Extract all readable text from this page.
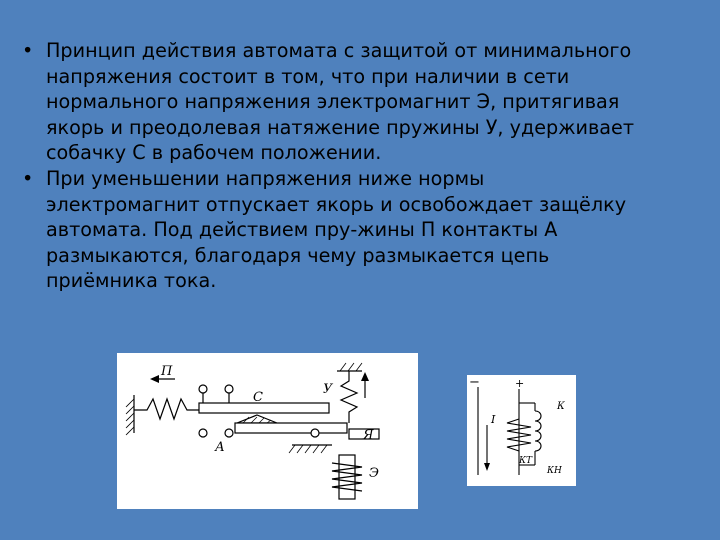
• Принцип действия автомата с защитой от минимального
напряжения состоит в том, что при наличии в сети
нормального напряжения электромагнит Э, притягивая
якорь и преодолевая натяжение пружины У, удерживает
собачку С в рабочем положении.
• При уменьшении напряжения ниже нормы
электромагнит отпускает якорь и освобождает защёлку
автомата. Под действием пру-жины П контакты А
размыкаются, благодаря чему размыкается цепь
приёмника тока.
П
У
С
А
Я
Э
−	+
I
К
КТ
КН
